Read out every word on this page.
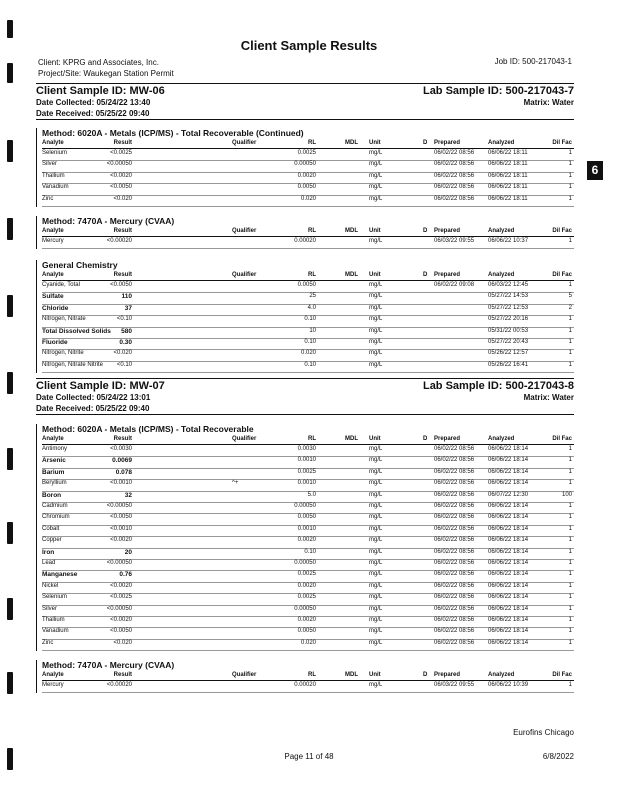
6
Client Sample Results
Client: KPRG and Associates, Inc.
Project/Site: Waukegan Station Permit
Job ID: 500-217043-1
Client Sample ID: MW-06	Lab Sample ID: 500-217043-7
Date Collected: 05/24/22 13:40	Matrix: Water
Date Received: 05/25/22 09:40
Method: 6020A - Metals (ICP/MS) - Total Recoverable (Continued)
Analyte	Result	Qualifier	RL	MDL Unit	D Prepared	Analyzed	Dil Fac
Selenium	<0.0025	0.0025	mg/L	06/02/22 08:56 06/06/22 18:11	1
Silver	<0.00050	0.00050	mg/L	06/02/22 08:56 06/06/22 18:11	1
Thallium	<0.0020	0.0020	mg/L	06/02/22 08:56 06/06/22 18:11	1
Vanadium	<0.0050	0.0050	mg/L	06/02/22 08:56 06/06/22 18:11	1
Zinc	<0.020	0.020	mg/L	06/02/22 08:56 06/06/22 18:11	1
Method: 7470A - Mercury (CVAA)
Analyte	Result	Qualifier	RL	MDL Unit	D Prepared	Analyzed	Dil Fac
Mercury	<0.00020	0.00020	mg/L	06/03/22 09:55 06/06/22 10:37	1
General Chemistry
Analyte	Result	Qualifier	RL	MDL Unit	D Prepared	Analyzed	Dil Fac
Cyanide, Total	<0.0050	0.0050	mg/L	06/02/22 09:08 06/03/22 12:45	1
Sulfate	110	25	mg/L	05/27/22 14:53	5
Chloride	37	4.0	mg/L	05/27/22 12:53	2
Nitrogen, Nitrate	<0.10	0.10	mg/L	05/27/22 20:16	1
Total Dissolved Solids 580	10	mg/L	05/31/22 00:53	1
Fluoride	0.30	0.10	mg/L	05/27/22 20:43	1
Nitrogen, Nitrite	<0.020	0.020	mg/L	05/26/22 12:57	1
Nitrogen, Nitrate Nitrite <0.10	0.10	mg/L	05/26/22 16:41	1
Client Sample ID: MW-07	Lab Sample ID: 500-217043-8
Date Collected: 05/24/22 13:01	Matrix: Water
Date Received: 05/25/22 09:40
Method: 6020A - Metals (ICP/MS) - Total Recoverable
Analyte	Result	Qualifier	RL	MDL Unit	D Prepared	Analyzed	Dil Fac
Antimony	<0.0030	0.0030	mg/L	06/02/22 08:56 06/06/22 18:14	1
Arsenic	0.0069	0.0010	mg/L	06/02/22 08:56 06/06/22 18:14	1
Barium	0.078	0.0025	mg/L	06/02/22 08:56 06/06/22 18:14	1
Beryllium	<0.0010	^+	0.0010	mg/L	06/02/22 08:56 06/06/22 18:14	1
Boron	32	5.0	mg/L	06/02/22 08:56 06/07/22 12:30	100
Cadmium	<0.00050	0.00050	mg/L	06/02/22 08:56 06/06/22 18:14	1
Chromium	<0.0050	0.0050	mg/L	06/02/22 08:56 06/06/22 18:14	1
Cobalt	<0.0010	0.0010	mg/L	06/02/22 08:56 06/06/22 18:14	1
Copper	<0.0020	0.0020	mg/L	06/02/22 08:56 06/06/22 18:14	1
Iron	20	0.10	mg/L	06/02/22 08:56 06/06/22 18:14	1
Lead	<0.00050	0.00050	mg/L	06/02/22 08:56 06/06/22 18:14	1
Manganese	0.76	0.0025	mg/L	06/02/22 08:56 06/06/22 18:14	1
Nickel	<0.0020	0.0020	mg/L	06/02/22 08:56 06/06/22 18:14	1
Selenium	<0.0025	0.0025	mg/L	06/02/22 08:56 06/06/22 18:14	1
Silver	<0.00050	0.00050	mg/L	06/02/22 08:56 06/06/22 18:14	1
Thallium	<0.0020	0.0020	mg/L	06/02/22 08:56 06/06/22 18:14	1
Vanadium	<0.0050	0.0050	mg/L	06/02/22 08:56 06/06/22 18:14	1
Zinc	<0.020	0.020	mg/L	06/02/22 08:56 06/06/22 18:14	1
Method: 7470A - Mercury (CVAA)
Analyte	Result	Qualifier	RL	MDL Unit	D Prepared	Analyzed	Dil Fac
Mercury	<0.00020	0.00020	mg/L	06/03/22 09:55 06/06/22 10:39	1
Eurofins Chicago
Page 11 of 48	6/8/2022
